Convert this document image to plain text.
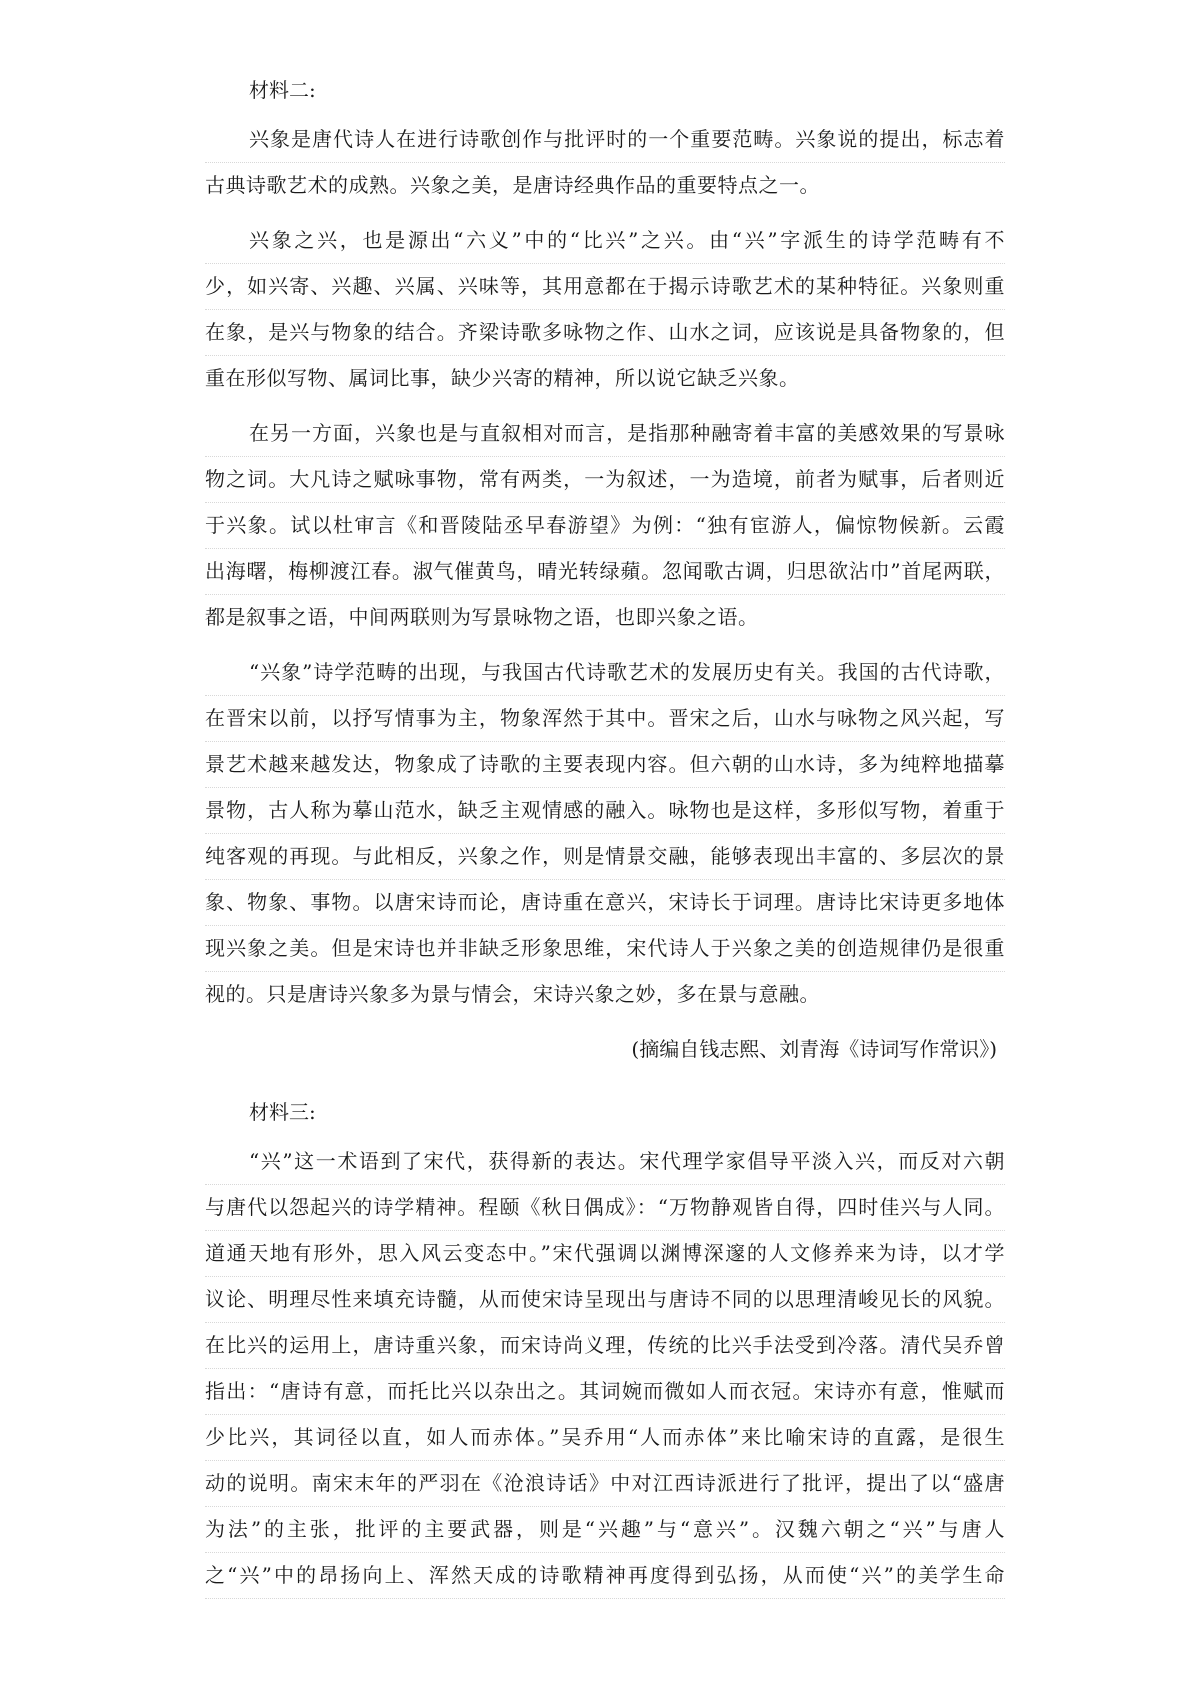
材料二:
兴象是唐代诗人在进行诗歌创作与批评时的一个重要范畴。兴象说的提出，标志着
古典诗歌艺术的成熟。兴象之美，是唐诗经典作品的重要特点之一。
兴象之兴，也是源出“六义”中的“比兴”之兴。由“兴”字派生的诗学范畴有不
少，如兴寄、兴趣、兴属、兴味等，其用意都在于揭示诗歌艺术的某种特征。兴象则重
在象，是兴与物象的结合。齐梁诗歌多咏物之作、山水之词，应该说是具备物象的，但
重在形似写物、属词比事，缺少兴寄的精神，所以说它缺乏兴象。
在另一方面，兴象也是与直叙相对而言，是指那种融寄着丰富的美感效果的写景咏
物之词。大凡诗之赋咏事物，常有两类，一为叙述，一为造境，前者为赋事，后者则近
于兴象。试以杜审言《和晋陵陆丞早春游望》为例：“独有宦游人，偏惊物候新。云霞
出海曙，梅柳渡江春。淑气催黄鸟，晴光转绿蘋。忽闻歌古调，归思欲沾巾”首尾两联，
都是叙事之语，中间两联则为写景咏物之语，也即兴象之语。
“兴象”诗学范畴的出现，与我国古代诗歌艺术的发展历史有关。我国的古代诗歌，
在晋宋以前，以抒写情事为主，物象浑然于其中。晋宋之后，山水与咏物之风兴起，写
景艺术越来越发达，物象成了诗歌的主要表现内容。但六朝的山水诗，多为纯粹地描摹
景物，古人称为摹山范水，缺乏主观情感的融入。咏物也是这样，多形似写物，着重于
纯客观的再现。与此相反，兴象之作，则是情景交融，能够表现出丰富的、多层次的景
象、物象、事物。以唐宋诗而论，唐诗重在意兴，宋诗长于词理。唐诗比宋诗更多地体
现兴象之美。但是宋诗也并非缺乏形象思维，宋代诗人于兴象之美的创造规律仍是很重
视的。只是唐诗兴象多为景与情会，宋诗兴象之妙，多在景与意融。
(摘编自钱志熙、刘青海《诗词写作常识》)
材料三:
“兴”这一术语到了宋代，获得新的表达。宋代理学家倡导平淡入兴，而反对六朝
与唐代以怨起兴的诗学精神。程颐《秋日偶成》：“万物静观皆自得，四时佳兴与人同。
道通天地有形外，思入风云变态中。”宋代强调以渊博深邃的人文修养来为诗，以才学
议论、明理尽性来填充诗髓，从而使宋诗呈现出与唐诗不同的以思理清峻见长的风貌。
在比兴的运用上，唐诗重兴象，而宋诗尚义理，传统的比兴手法受到冷落。清代吴乔曾
指出：“唐诗有意，而托比兴以杂出之。其词婉而微如人而衣冠。宋诗亦有意，惟赋而
少比兴，其词径以直，如人而赤体。”吴乔用“人而赤体”来比喻宋诗的直露，是很生
动的说明。南宋末年的严羽在《沧浪诗话》中对江西诗派进行了批评，提出了以“盛唐
为法”的主张，批评的主要武器，则是“兴趣”与“意兴”。汉魏六朝之“兴”与唐人
之“兴”中的昂扬向上、浑然天成的诗歌精神再度得到弘扬，从而使“兴”的美学生命
